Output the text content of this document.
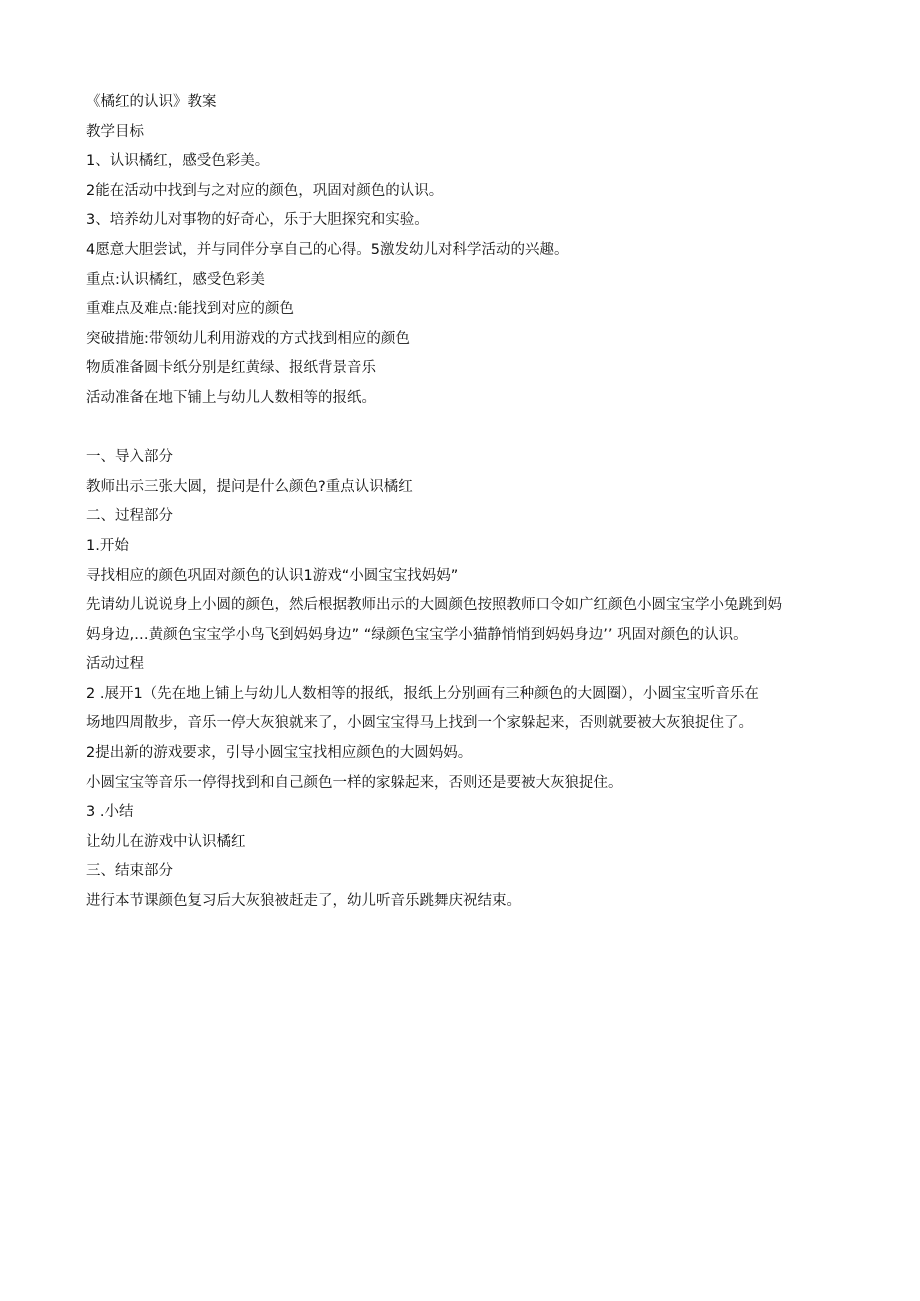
《橘红的认识》教案
教学目标
1、认识橘红，感受色彩美。
2能在活动中找到与之对应的颜色，巩固对颜色的认识。
3、培养幼儿对事物的好奇心，乐于大胆探究和实验。
4愿意大胆尝试，并与同伴分享自己的心得。5激发幼儿对科学活动的兴趣。
重点:认识橘红，感受色彩美
重难点及难点:能找到对应的颜色
突破措施:带领幼儿利用游戏的方式找到相应的颜色
物质准备圆卡纸分别是红黄绿、报纸背景音乐
活动准备在地下铺上与幼儿人数相等的报纸。
一、导入部分
教师出示三张大圆，提问是什么颜色?重点认识橘红
二、过程部分
1.开始
寻找相应的颜色巩固对颜色的认识1游戏“小圆宝宝找妈妈”
先请幼儿说说身上小圆的颜色，然后根据教师出示的大圆颜色按照教师口令如广红颜色小圆宝宝学小兔跳到妈
妈身边,…黄颜色宝宝学小鸟飞到妈妈身边” “绿颜色宝宝学小猫静悄悄到妈妈身边’’ 巩固对颜色的认识。
活动过程
2 .展开1（先在地上铺上与幼儿人数相等的报纸，报纸上分别画有三种颜色的大圆圈），小圆宝宝听音乐在
场地四周散步，音乐一停大灰狼就来了，小圆宝宝得马上找到一个家躲起来，否则就要被大灰狼捉住了。
2提出新的游戏要求，引导小圆宝宝找相应颜色的大圆妈妈。
小圆宝宝等音乐一停得找到和自己颜色一样的家躲起来，否则还是要被大灰狼捉住。
3 .小结
让幼儿在游戏中认识橘红
三、结束部分
进行本节课颜色复习后大灰狼被赶走了，幼儿听音乐跳舞庆祝结束。
